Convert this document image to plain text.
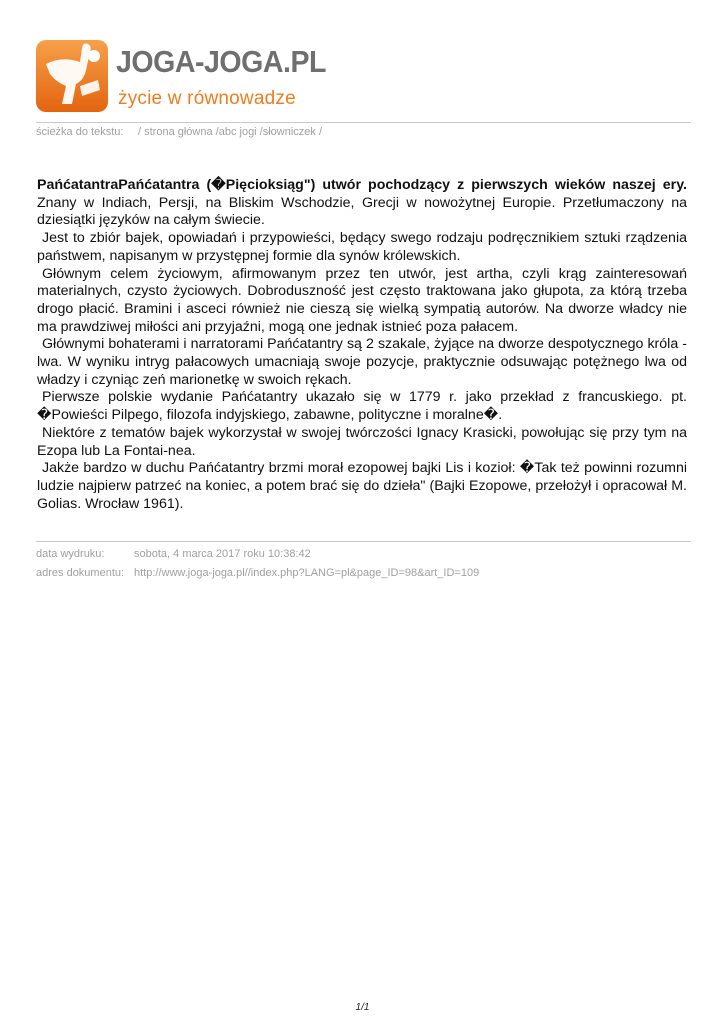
JOGA-JOGA.PL
życie w równowadze
ścieżka do tekstu: / strona główna /abc jogi /słowniczek /

PańćatantraPańćatantra (�Pięcioksiąg") utwór pochodzący z pierwszych wieków naszej ery. Znany w Indiach, Persji, na Bliskim Wschodzie, Grecji w nowożytnej Europie. Przetłumaczony na dziesiątki języków na całym świecie.

Jest to zbiór bajek, opowiadań i przypowieści, będący swego rodzaju podręcznikiem sztuki rządzenia państwem, napisanym w przystępnej formie dla synów królewskich.

Głównym celem życiowym, afirmowanym przez ten utwór, jest artha, czyli krąg zainteresowań materialnych, czysto życiowych. Dobroduszność jest często traktowana jako głupota, za którą trzeba drogo płacić. Bramini i asceci również nie cieszą się wielką sympatią autorów. Na dworze władcy nie ma prawdziwej miłości ani przyjaźni, mogą one jednak istnieć poza pałacem.

Głównymi bohaterami i narratorami Pańćatantry są 2 szakale, żyjące na dworze despotycznego króla - lwa. W wyniku intryg pałacowych umacniają swoje pozycje, praktycznie odsuwając potężnego lwa od władzy i czyniąc zeń marionetkę w swoich rękach.

Pierwsze polskie wydanie Pańćatantry ukazało się w 1779 r. jako przekład z francuskiego. pt. �Powieści Pilpego, filozofa indyjskiego, zabawne, polityczne i moralne�.

Niektóre z tematów bajek wykorzystał w swojej twórczości Ignacy Krasicki, powołując się przy tym na Ezopa lub La Fontai-nea.

Jakże bardzo w duchu Pańćatantry brzmi morał ezopowej bajki Lis i kozioł: �Tak też powinni rozumni ludzie najpierw patrzeć na koniec, a potem brać się do dzieła" (Bajki Ezopowe, przełożył i opracował M. Golias. Wrocław 1961).

data wydruku:	sobota, 4 marca 2017 roku 10:38:42
adres dokumentu: http://www.joga-joga.pl//index.php?LANG=pl&page_ID=98&art_ID=109
1/1
